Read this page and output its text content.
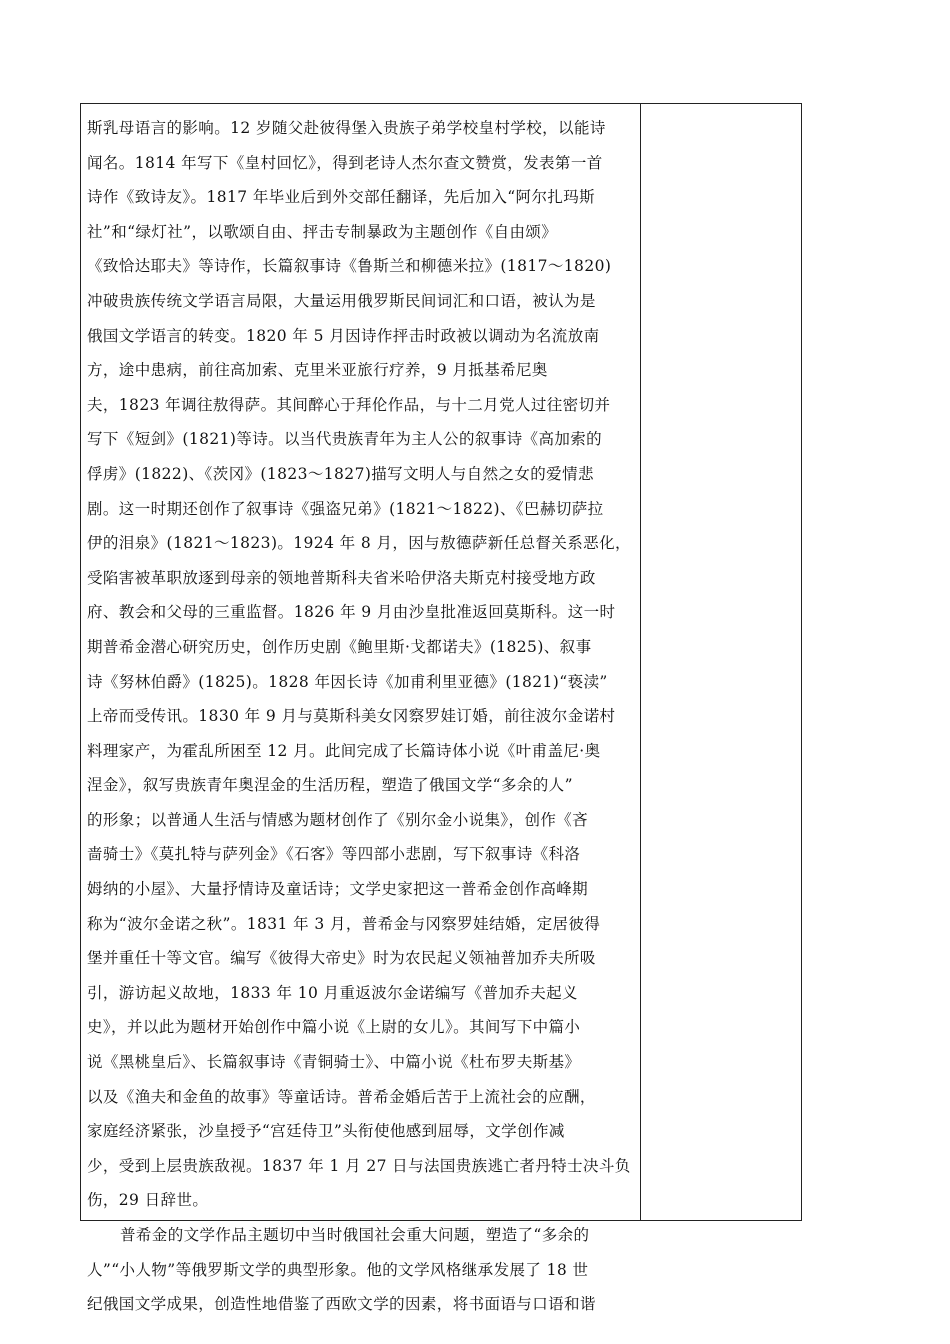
斯乳母语言的影响。12 岁随父赴彼得堡入贵族子弟学校皇村学校，以能诗
闻名。1814 年写下《皇村回忆》，得到老诗人杰尔查文赞赏，发表第一首
诗作《致诗友》。1817 年毕业后到外交部任翻译，先后加入“阿尔扎玛斯
社”和“绿灯社”，以歌颂自由、抨击专制暴政为主题创作《自由颂》
《致恰达耶夫》等诗作，长篇叙事诗《鲁斯兰和柳德米拉》(1817～1820)
冲破贵族传统文学语言局限，大量运用俄罗斯民间词汇和口语，被认为是
俄国文学语言的转变。1820 年 5 月因诗作抨击时政被以调动为名流放南
方，途中患病，前往高加索、克里米亚旅行疗养，9 月抵基希尼奥
夫，1823 年调往敖得萨。其间醉心于拜伦作品，与十二月党人过往密切并
写下《短剑》(1821)等诗。以当代贵族青年为主人公的叙事诗《高加索的
俘虏》(1822)、《茨冈》(1823～1827)描写文明人与自然之女的爱情悲
剧。这一时期还创作了叙事诗《强盗兄弟》(1821～1822)、《巴赫切萨拉
伊的泪泉》(1821～1823)。1924 年 8 月，因与敖德萨新任总督关系恶化，
受陷害被革职放逐到母亲的领地普斯科夫省米哈伊洛夫斯克村接受地方政
府、教会和父母的三重监督。1826 年 9 月由沙皇批准返回莫斯科。这一时
期普希金潜心研究历史，创作历史剧《鲍里斯·戈都诺夫》(1825)、叙事
诗《努林伯爵》(1825)。1828 年因长诗《加甫利里亚德》(1821)“亵渎”
上帝而受传讯。1830 年 9 月与莫斯科美女冈察罗娃订婚，前往波尔金诺村
料理家产，为霍乱所困至 12 月。此间完成了长篇诗体小说《叶甫盖尼·奥
涅金》，叙写贵族青年奥涅金的生活历程，塑造了俄国文学“多余的人”
的形象；以普通人生活与情感为题材创作了《别尔金小说集》，创作《吝
啬骑士》《莫扎特与萨列金》《石客》等四部小悲剧，写下叙事诗《科洛
姆纳的小屋》、大量抒情诗及童话诗；文学史家把这一普希金创作高峰期
称为“波尔金诺之秋”。1831 年 3 月，普希金与冈察罗娃结婚，定居彼得
堡并重任十等文官。编写《彼得大帝史》时为农民起义领袖普加乔夫所吸
引，游访起义故地，1833 年 10 月重返波尔金诺编写《普加乔夫起义
史》，并以此为题材开始创作中篇小说《上尉的女儿》。其间写下中篇小
说《黑桃皇后》、长篇叙事诗《青铜骑士》、中篇小说《杜布罗夫斯基》
以及《渔夫和金鱼的故事》等童话诗。普希金婚后苦于上流社会的应酬，
家庭经济紧张，沙皇授予“宫廷侍卫”头衔使他感到屈辱，文学创作减
少，受到上层贵族敌视。1837 年 1 月 27 日与法国贵族逃亡者丹特士决斗负
伤，29 日辞世。
普希金的文学作品主题切中当时俄国社会重大问题，塑造了“多余的
人”“小人物”等俄罗斯文学的典型形象。他的文学风格继承发展了 18 世
纪俄国文学成果，创造性地借鉴了西欧文学的因素，将书面语与口语和谐
